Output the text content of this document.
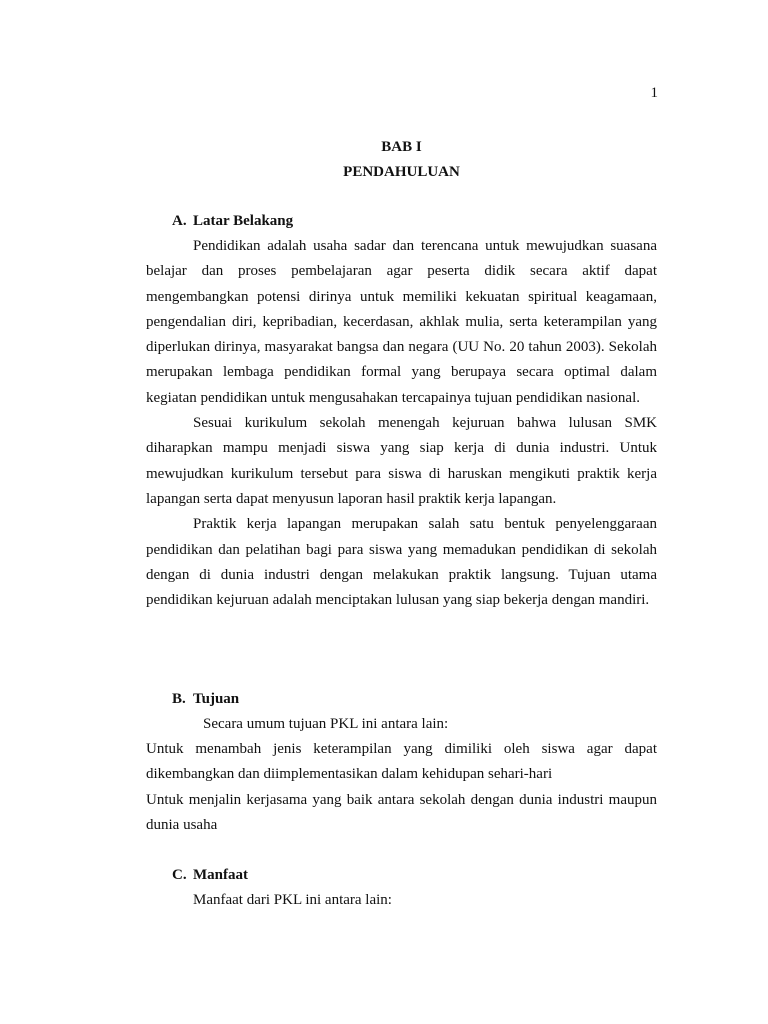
1
BAB I
PENDAHULUAN
A. Latar Belakang

Pendidikan adalah usaha sadar dan terencana untuk mewujudkan suasana belajar dan proses pembelajaran agar peserta didik secara aktif dapat mengembangkan potensi dirinya untuk memiliki kekuatan spiritual keagamaan, pengendalian diri, kepribadian, kecerdasan, akhlak mulia, serta keterampilan yang diperlukan dirinya, masyarakat bangsa dan negara (UU No. 20 tahun 2003). Sekolah merupakan lembaga pendidikan formal yang berupaya secara optimal dalam kegiatan pendidikan untuk mengusahakan tercapainya tujuan pendidikan nasional.

Sesuai kurikulum sekolah menengah kejuruan bahwa lulusan SMK diharapkan mampu menjadi siswa yang siap kerja di dunia industri. Untuk mewujudkan kurikulum tersebut para siswa di haruskan mengikuti praktik kerja lapangan serta dapat menyusun laporan hasil praktik kerja lapangan.

Praktik kerja lapangan merupakan salah satu bentuk penyelenggaraan pendidikan dan pelatihan bagi para siswa yang memadukan pendidikan di sekolah dengan di dunia industri dengan melakukan praktik langsung. Tujuan utama pendidikan kejuruan adalah menciptakan lulusan yang siap bekerja dengan mandiri.

B. Tujuan
Secara umum tujuan PKL ini antara lain:

Untuk menambah jenis keterampilan yang dimiliki oleh siswa agar dapat dikembangkan dan diimplementasikan dalam kehidupan sehari-hari

Untuk menjalin kerjasama yang baik antara sekolah dengan dunia industri maupun dunia usaha

C. Manfaat
Manfaat dari PKL ini antara lain:
